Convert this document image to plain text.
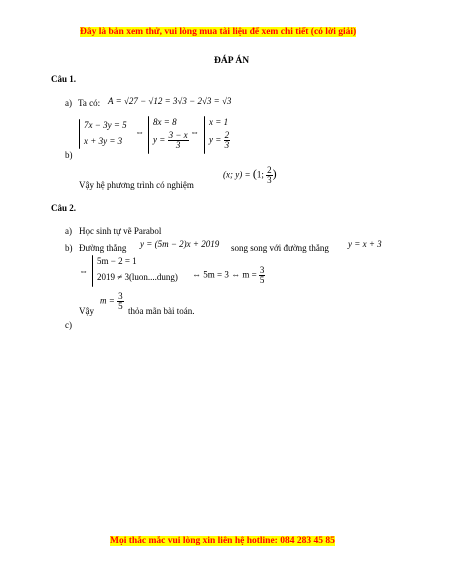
Đây là bản xem thử, vui lòng mua tài liệu để xem chi tiết (có lời giải)
ĐÁP ÁN
Câu 1.
a) Ta có: A = √27 − √12 = 3√3 − 2√3 = √3
7x − 3y = 5
x + 3y = 3
⇔
8x = 8
$y = \frac{3 - x}{3}$ ⇔
x = 1
$y = \frac{2}{3}$
b)
(x; y) = (1; $\frac{2}{3}$ )
Vậy hệ phương trình có nghiệm
Câu 2.
a) Học sinh tự vẽ Parabol
b) Đường thẳng y = (5m − 2)x + 2019 song song với đường thẳng y = x + 3
⇔
5m − 2 = 1
2019 ≠ 3(luon....dung) ⇔ 5m = 3 ⇔ $m = \frac{3}{5}$
Vậy
$m = \frac{3}{5}$ thỏa mãn bài toán.
c)
Mọi thắc mắc vui lòng xin liên hệ hotline: 084 283 45 85
